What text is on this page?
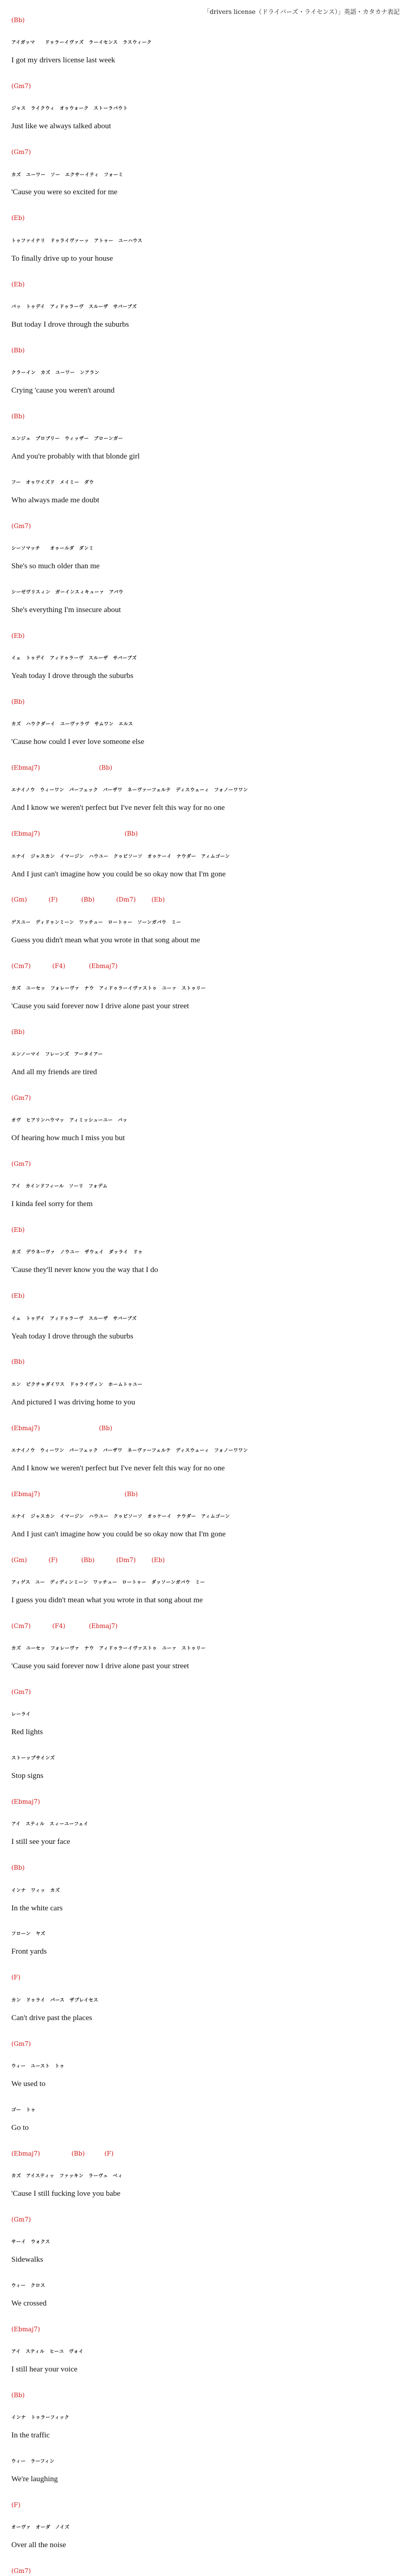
「drivers license（ドライバーズ・ライセンス）」英語・カタカナ表記
(Bb)
アイガッマ　　ドゥラーイヴァズ　ラーイセンス　ラスウィーク
I got my drivers license last week
(Gm7)
ジャス　ライクウィ　オゥウォーク　ストーラバウト
Just like we always talked about
(Gm7)
カズ　ユーワー　ソー　エクサーイティ　フォーミ
'Cause you were so excited for me
(Eb)
トゥファイナリ　ドゥライヴァーッ　アトゥー　ユーハウス
To finally drive up to your house
(Eb)
バッ　トゥデイ　アィドゥラーヴ　スルーザ　サバーブズ
But today I drove through the suburbs
(Bb)
クラーイン　カズ　ユーワー　ンアラン
Crying 'cause you weren't around
(Bb)
エンジュ　プロブリー　ウィッザー　ブローンガー
And you're probably with that blonde girl
フー　オゥワイズド　メイミー　ダウ
Who always made me doubt
(Gm7)
シーソマッチ　　オゥールダ　ダンミ
She's so much older than me
シーゼヴリスィン　ガーインスィキューァ　アバウ
She's everything I'm insecure about
(Eb)
イェ　トゥデイ　アィドゥラーヴ　スルーザ　サバーブズ
Yeah today I drove through the suburbs
(Bb)
カズ　ハウクダーイ　ユーヴァラヴ　サムワン　エルス
'Cause how could I ever love someone else
(Ebmaj7)                              (Bb)
エナイノウ　ウィーワン　パーフェック　バーザワ　ネーヴァーフェルテ　ディスウェーィ　フォノーワワン
And I know we weren't perfect but I've never felt this way for no one
(Ebmaj7)                                           (Bb)
エナイ　ジャスカン　イマージン　ハウユー　クゥビソーソ　オゥケーイ　ナウダー　アィムゴーン
And I just can't imagine how you could be so okay now that I'm gone
(Gm)           (F)            (Bb)           (Dm7)        (Eb)
ゲスユー　ディドゥンミーン　ワッチュー　ロートゥー　ソーンガバウ　ミー
Guess you didn't mean what you wrote in that song about me
(Cm7)           (F4)            (Ebmaj7)
カズ　ユーセッ　フォレーヴァ　ナウ　アィドゥラーイヴァストゥ　ユーァ　ストゥリー
'Cause you said forever now I drive alone past your street
(Bb)
エンノーマイ　フレーンズ　アータイアー
And all my friends are tired
(Gm7)
オヴ　ヒアリンハウマッ　アィミッシューユー　バッ
Of hearing how much I miss you but
(Gm7)
アイ　カインドフィール　ソーリ　フォデム
I kinda feel sorry for them
(Eb)
カズ　デウネーヴァ　ノウユー　ザウェイ　ダッライ　ドゥ
'Cause they'll never know you the way that I do
(Eb)
イェ　トゥデイ　アィドゥラーヴ　スルーザ　サバーブズ
Yeah today I drove through the suburbs
(Bb)
エン　ピクチャダイワス　ドゥライヴィン　ホームトゥユー
And pictured I was driving home to you
(Ebmaj7)                              (Bb)
エナイノウ　ウィーワン　パーフェック　バーザワ　ネーヴァーフェルテ　ディスウェーィ　フォノーワワン
And I know we weren't perfect but I've never felt this way for no one
(Ebmaj7)                                           (Bb)
エナイ　ジャスカン　イマージン　ハウユー　クゥビソーソ　オゥケーイ　ナウダー　アィムゴーン
And I just can't imagine how you could be so okay now that I'm gone
(Gm)           (F)            (Bb)           (Dm7)        (Eb)
アィゲス　ユー　ディディンミーン　ワッチュー　ロートゥー　ダッソーンガバウ　ミー
I guess you didn't mean what you wrote in that song about me
(Cm7)           (F4)            (Ebmaj7)
カズ　ユーセッ　フォレーヴァ　ナウ　アィドゥラーイヴァストゥ　ユーァ　ストゥリー
'Cause you said forever now I drive alone past your street
(Gm7)
レーライ
Red lights
ストーップサインズ
Stop signs
(Ebmaj7)
アイ　スティル　スィーユーフェイ
I still see your face
(Bb)
インナ　ワィッ　カズ
In the white cars
フローン　ヤズ
Front yards
(F)
カン　ドゥライ　パース　ザプレイセス
Can't drive past the places
(Gm7)
ウィー　ユースト　トゥ
We used to
ゴー　トゥ
Go to
(Ebmaj7)                (Bb)          (F)
カズ　アイスティッ　ファッキン　ラーヴュ　ベィ
'Cause I still fucking love you babe
(Gm7)
サーイ　ウォクス
Sidewalks
ウィー　クロス
We crossed
(Ebmaj7)
アイ　スティル　ヒーユ　ヴォイ
I still hear your voice
(Bb)
インナ　トゥラーフィック
In the traffic
ウィー　ラーフィン
We're laughing
(F)
オーヴァ　オーダ　ノイズ
Over all the noise
(Gm7)
